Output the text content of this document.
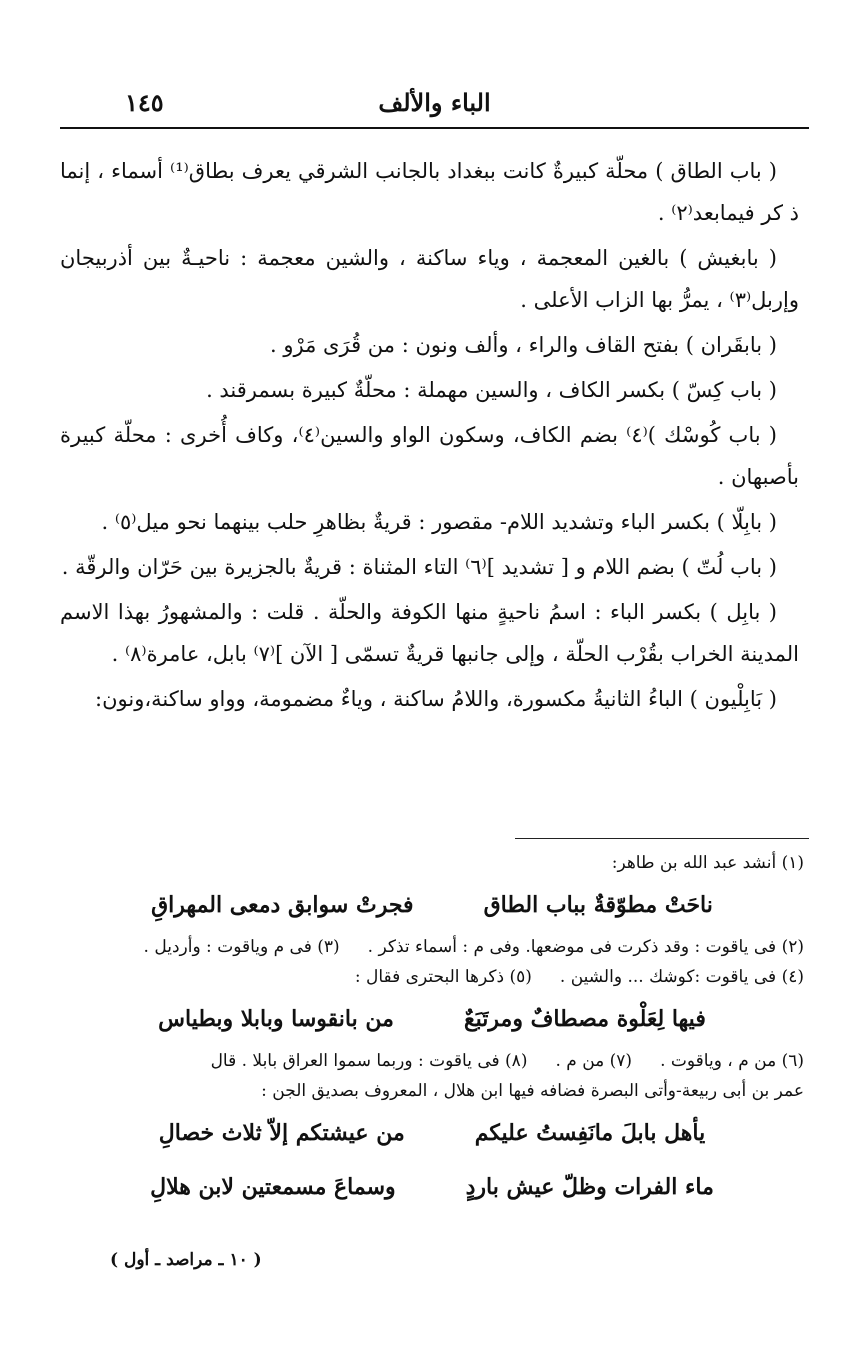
الباء والألف
١٤٥

( باب الطاق ) محلّة كبيرةٌ كانت ببغداد بالجانب الشرقي يعرف بطاق⁽¹⁾ أسماء ، إنما ذ كر فيمابعد⁽٢⁾ .

( بابغيش ) بالغين المعجمة ، وياء ساكنة ، والشين معجمة : ناحيـةٌ بين أذربيجان وإربل⁽٣⁾ ، يمرُّ بها الزاب الأعلى .

( بابقَران ) بفتح القاف والراء ، وألف ونون : من قُرَى مَرْو .

( باب كِسّ ) بكسر الكاف ، والسين مهملة : محلّةٌ كبيرة بسمرقند .

( باب كُوسْك )⁽٤⁾ بضم الكاف، وسكون الواو والسين⁽٤⁾، وكاف أُخرى : محلّة كبيرة بأصبهان .

( بابِلّا ) بكسر الباء وتشديد اللام- مقصور : قريةٌ بظاهرِ حلب بينهما نحو ميل⁽٥⁾ .

( باب لُتّ ) بضم اللام و [ تشديد ]⁽٦⁾ التاء المثناة : قريةٌ بالجزيرة بين حَرّان والرقّة .

( بابِل ) بكسر الباء : اسمُ ناحيةٍ منها الكوفة والحلّة . قلت : والمشهورُ بهذا الاسم المدينة الخراب بقُرْب الحلّة ، وإلى جانبها قريةٌ تسمّى [ الآن ]⁽٧⁾ بابل، عامرة⁽٨⁾ .

( بَابِلْيون ) الباءُ الثانيةُ مكسورة، واللامُ ساكنة ، وياءٌ مضمومة، وواو ساكنة،ونون:

(١) أنشد عبد الله بن طاهر:
ناحَتْ مطوّقةٌ بباب الطاق
فجرتْ سوابق دمعى المهراقِ
(٢) فى ياقوت : وقد ذكرت فى موضعها. وفى م : أسماء تذكر .
(٣) فى م وياقوت : وأرديل .
(٤) فى ياقوت :كوشك ... والشين .
(٥) ذكرها البحترى فقال :
فيها لِعَلْوة مصطافٌ ومرتَبَعٌ
من بانقوسا وبابلا وبطياس
(٦) من م ، وياقوت .
(٧) من م .
(٨) فى ياقوت : وربما سموا العراق بابلا . قال
عمر بن أبى ربيعة-وأتى البصرة فضافه فيها ابن هلال ، المعروف بصديق الجن :
يأهل بابلَ مانَفِستُ عليكم
من عيشتكم إلاّ ثلاث خصالِ
ماء الفرات وظلّ عيش باردٍ
وسماعَ مسمعتين لابن هلالِ
( ١٠ ـ مراصد ـ أول )
